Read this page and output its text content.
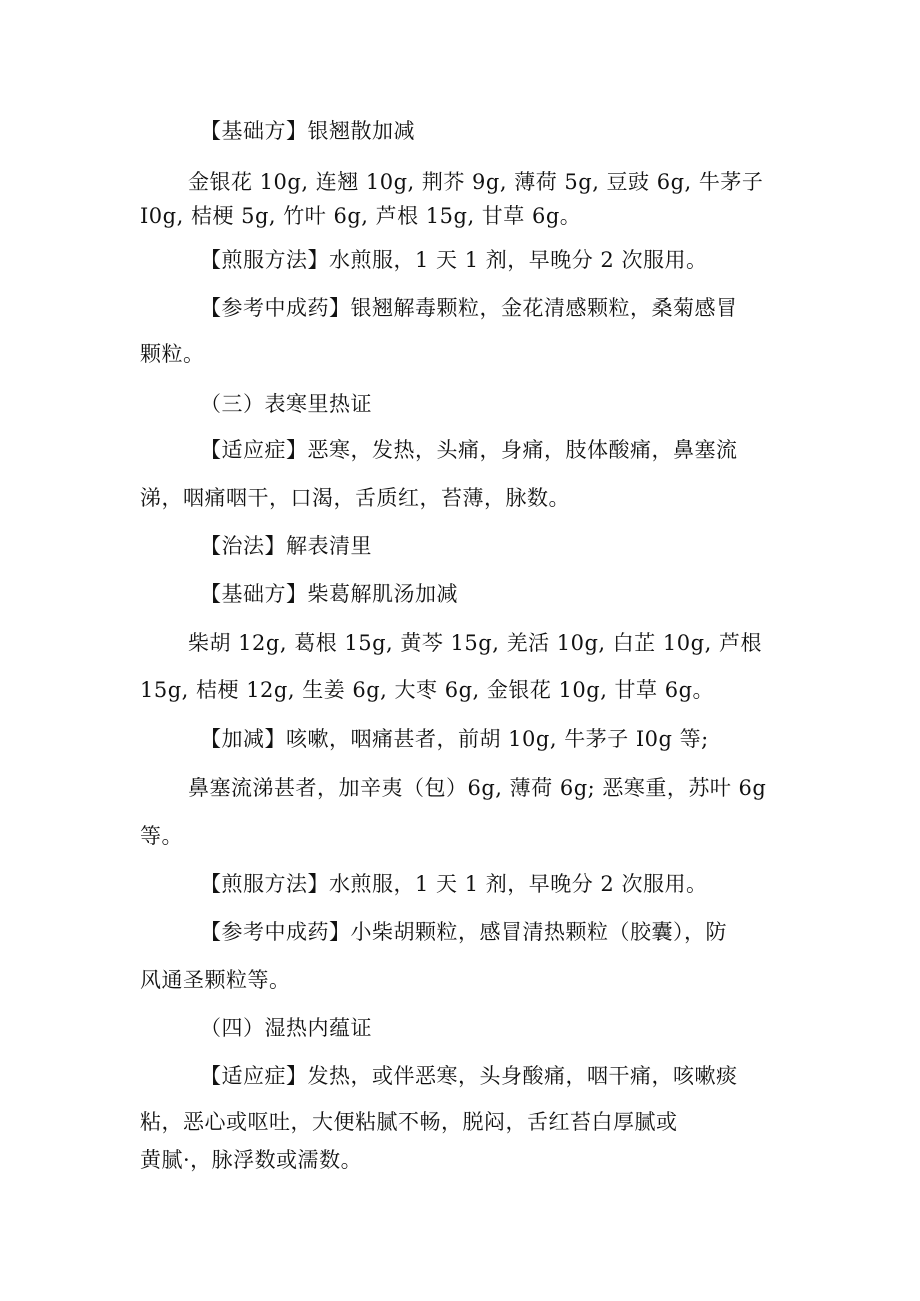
【基础方】银翘散加减
金银花 10g, 连翘 10g, 荆芥 9g, 薄荷 5g, 豆豉 6g, 牛茅子
I0g, 桔梗 5g, 竹叶 6g, 芦根 15g, 甘草 6g。
【煎服方法】水煎服，1 天 1 剂，早晚分 2 次服用。
【参考中成药】银翘解毒颗粒，金花清感颗粒，桑菊感冒
颗粒。
（三）表寒里热证
【适应症】恶寒，发热，头痛，身痛，肢体酸痛，鼻塞流
涕，咽痛咽干，口渴，舌质红，苔薄，脉数。
【治法】解表清里
【基础方】柴葛解肌汤加减
柴胡 12g, 葛根 15g, 黄芩 15g, 羌活 10g, 白芷 10g, 芦根
15g, 桔梗 12g, 生姜 6g, 大枣 6g, 金银花 10g, 甘草 6g。
【加减】咳嗽，咽痛甚者，前胡 10g, 牛茅子 I0g 等;
鼻塞流涕甚者，加辛夷（包）6g, 薄荷 6g; 恶寒重，苏叶 6g
等。
【煎服方法】水煎服，1 天 1 剂，早晚分 2 次服用。
【参考中成药】小柴胡颗粒，感冒清热颗粒（胶囊），防
风通圣颗粒等。
（四）湿热内蕴证
【适应症】发热，或伴恶寒，头身酸痛，咽干痛，咳嗽痰
粘，恶心或呕吐，大便粘腻不畅，脱闷，舌红苔白厚腻或
黄腻·，脉浮数或濡数。
